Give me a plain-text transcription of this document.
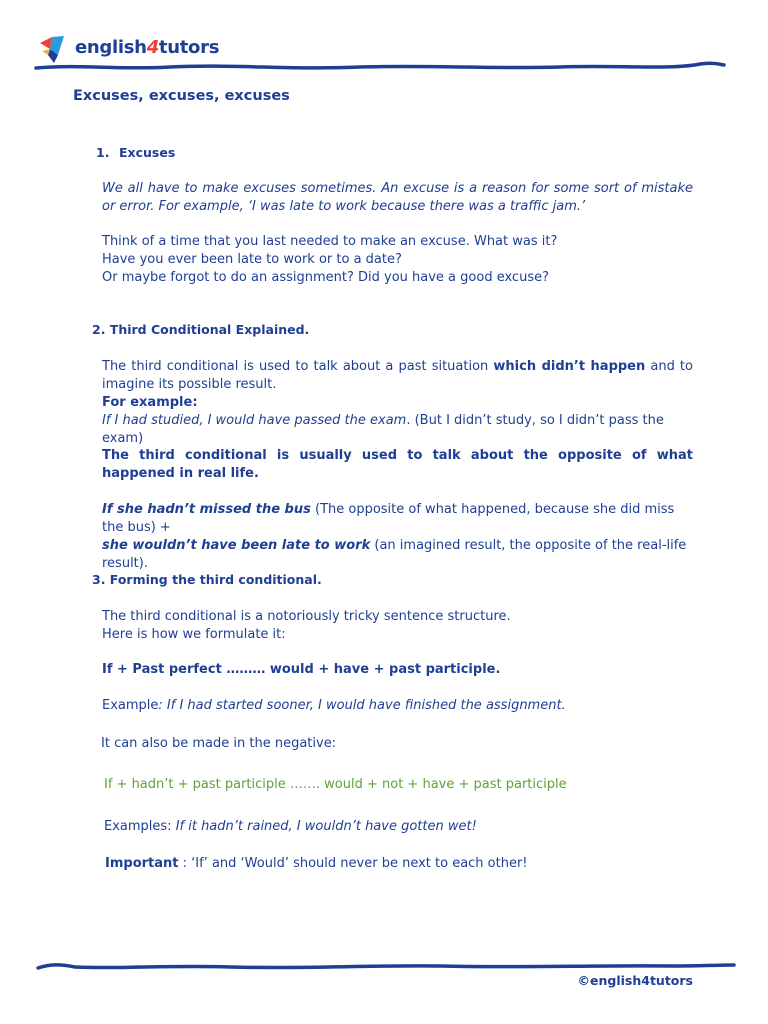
english4tutors
Excuses, excuses, excuses
1. Excuses
We all have to make excuses sometimes. An excuse is a reason for some sort of mistake or error. For example, ‘I was late to work because there was a traffic jam.’
Think of a time that you last needed to make an excuse. What was it?
Have you ever been late to work or to a date?
Or maybe forgot to do an assignment? Did you have a good excuse?
2. Third Conditional Explained.
The third conditional is used to talk about a past situation which didn’t happen and to imagine its possible result.
For example:
If I had studied, I would have passed the exam. (But I didn’t study, so I didn’t pass the exam)
The third conditional is usually used to talk about the opposite of what happened in real life.
If she hadn’t missed the bus (The opposite of what happened, because she did miss the bus) +
she wouldn’t have been late to work (an imagined result, the opposite of the real-life result).
3. Forming the third conditional.
The third conditional is a notoriously tricky sentence structure.
Here is how we formulate it:
If + Past perfect ……… would + have + past participle.
Example: If I had started sooner, I would have finished the assignment.
It can also be made in the negative:
If + hadn’t + past participle ……. would + not + have + past participle
Examples: If it hadn’t rained, I wouldn’t have gotten wet!
Important : ‘If’ and ‘Would’ should never be next to each other!
©english4tutors
